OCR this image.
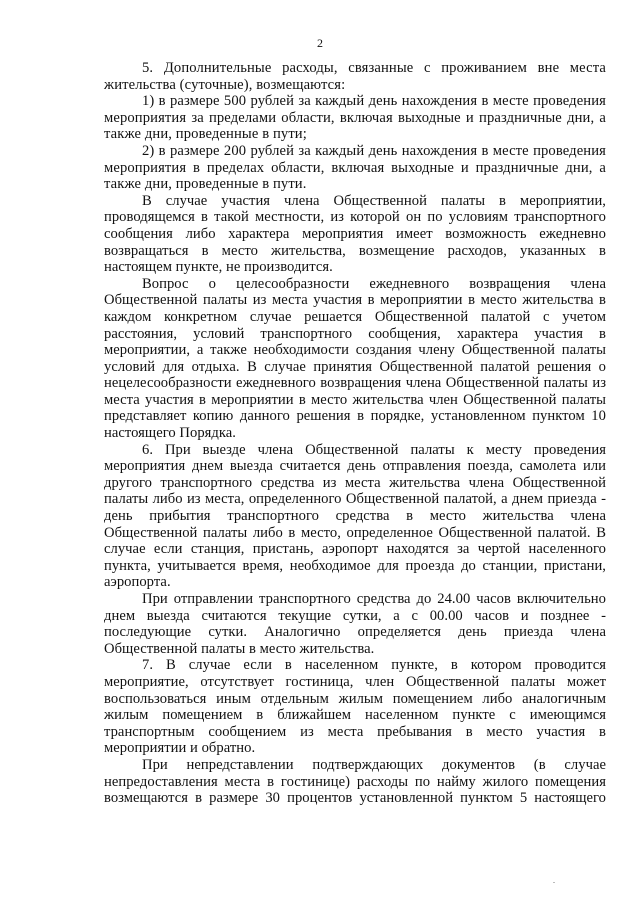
2

5. Дополнительные расходы, связанные с проживанием вне места жительства (суточные), возмещаются:

1) в размере 500 рублей за каждый день нахождения в месте проведения мероприятия за пределами области, включая выходные и праздничные дни, а также дни, проведенные в пути;

2) в размере 200 рублей за каждый день нахождения в месте проведения мероприятия в пределах области, включая выходные и праздничные дни, а также дни, проведенные в пути.

В случае участия члена Общественной палаты в мероприятии, проводящемся в такой местности, из которой он по условиям транспортного сообщения либо характера мероприятия имеет возможность ежедневно возвращаться в место жительства, возмещение расходов, указанных в настоящем пункте, не производится.

Вопрос о целесообразности ежедневного возвращения члена Общественной палаты из места участия в мероприятии в место жительства в каждом конкретном случае решается Общественной палатой с учетом расстояния, условий транспортного сообщения, характера участия в мероприятии, а также необходимости создания члену Общественной палаты условий для отдыха. В случае принятия Общественной палатой решения о нецелесообразности ежедневного возвращения члена Общественной палаты из места участия в мероприятии в место жительства член Общественной палаты представляет копию данного решения в порядке, установленном пунктом 10 настоящего Порядка.

6. При выезде члена Общественной палаты к месту проведения мероприятия днем выезда считается день отправления поезда, самолета или другого транспортного средства из места жительства члена Общественной палаты либо из места, определенного Общественной палатой, а днем приезда - день прибытия транспортного средства в место жительства члена Общественной палаты либо в место, определенное Общественной палатой. В случае если станция, пристань, аэропорт находятся за чертой населенного пункта, учитывается время, необходимое для проезда до станции, пристани, аэропорта.

При отправлении транспортного средства до 24.00 часов включительно днем выезда считаются текущие сутки, а с 00.00 часов и позднее - последующие сутки. Аналогично определяется день приезда члена Общественной палаты в место жительства.

7. В случае если в населенном пункте, в котором проводится мероприятие, отсутствует гостиница, член Общественной палаты может воспользоваться иным отдельным жилым помещением либо аналогичным жилым помещением в ближайшем населенном пункте с имеющимся транспортным сообщением из места пребывания в место участия в мероприятии и обратно.

При непредставлении подтверждающих документов (в случае непредоставления места в гостинице) расходы по найму жилого помещения возмещаются в размере 30 процентов установленной пунктом 5 настоящего
